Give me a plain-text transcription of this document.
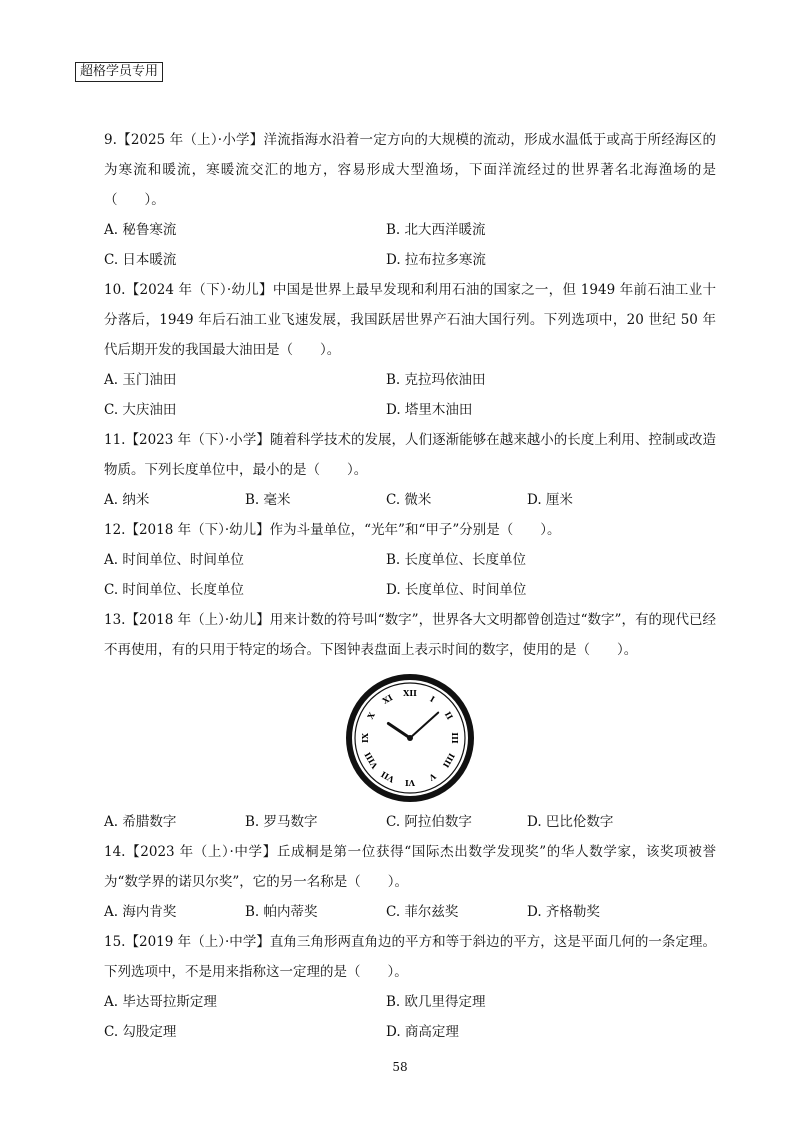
超格学员专用

9.【2025 年（上）·小学】洋流指海水沿着一定方向的大规模的流动，形成水温低于或高于所经海区的为寒流和暖流，寒暖流交汇的地方，容易形成大型渔场，下面洋流经过的世界著名北海渔场的是（　　）。

A. 秘鲁寒流	B. 北大西洋暖流
C. 日本暖流	D. 拉布拉多寒流

10.【2024 年（下）·幼儿】中国是世界上最早发现和利用石油的国家之一，但 1949 年前石油工业十分落后，1949 年后石油工业飞速发展，我国跃居世界产石油大国行列。下列选项中，20 世纪 50 年代后期开发的我国最大油田是（　　）。

A. 玉门油田	B. 克拉玛依油田
C. 大庆油田	D. 塔里木油田

11.【2023 年（下）·小学】随着科学技术的发展，人们逐渐能够在越来越小的长度上利用、控制或改造物质。下列长度单位中，最小的是（　　）。

A. 纳米	B. 毫米	C. 微米	D. 厘米

12.【2018 年（下）·幼儿】作为斗量单位，“光年”和“甲子”分别是（　　）。

A. 时间单位、时间单位	B. 长度单位、长度单位
C. 时间单位、长度单位	D. 长度单位、时间单位

13.【2018 年（上）·幼儿】用来计数的符号叫“数字”，世界各大文明都曾创造过“数字”，有的现代已经不再使用，有的只用于特定的场合。下图钟表盘面上表示时间的数字，使用的是（　　）。

XII
I
II
III
IIII
V
VI
VII
VIII
IX
X
XI
A. 希腊数字	B. 罗马数字	C. 阿拉伯数字	D. 巴比伦数字

14.【2023 年（上）·中学】丘成桐是第一位获得“国际杰出数学发现奖”的华人数学家，该奖项被誉为“数学界的诺贝尔奖”，它的另一名称是（　　）。

A. 海内肯奖	B. 帕内蒂奖	C. 菲尔兹奖	D. 齐格勒奖

15.【2019 年（上）·中学】直角三角形两直角边的平方和等于斜边的平方，这是平面几何的一条定理。下列选项中，不是用来指称这一定理的是（　　）。

A. 毕达哥拉斯定理	B. 欧几里得定理
C. 勾股定理	D. 商高定理
58
